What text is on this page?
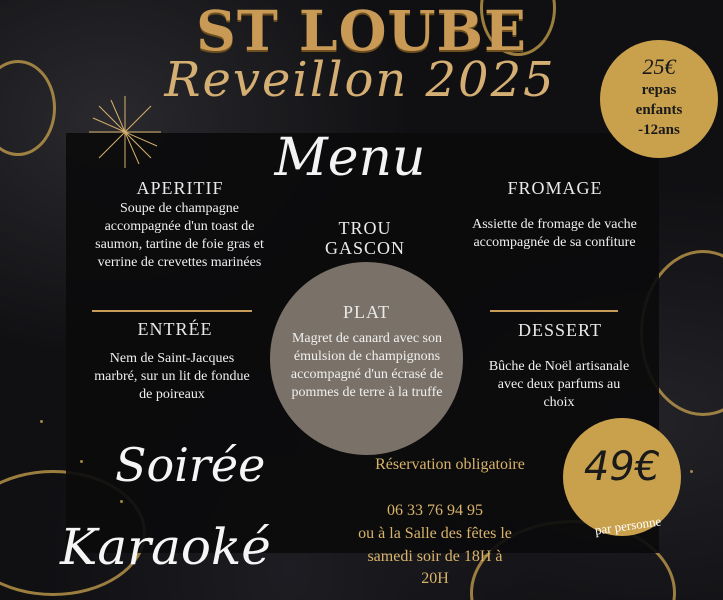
ST LOUBE
Reveillon 2025
Menu
25€
repas
enfants
-12ans
APERITIF
Soupe de champagne accompagnée d'un toast de saumon, tartine de foie gras et verrine de crevettes marinées
TROU
GASCON
FROMAGE
Assiette de fromage de vache accompagnée de sa confiture
ENTRÉE
Nem de Saint-Jacques marbré, sur un lit de fondue de poireaux
PLAT
Magret de canard avec son émulsion de champignons accompagné d'un écrasé de pommes de terre à la truffe
DESSERT
Bûche de Noël artisanale avec deux parfums au choix
Soirée
Karaoké
Réservation obligatoire
06 33 76 94 95
ou à la Salle des fêtes le
samedi soir de 18H à
20H
49€
par personne
